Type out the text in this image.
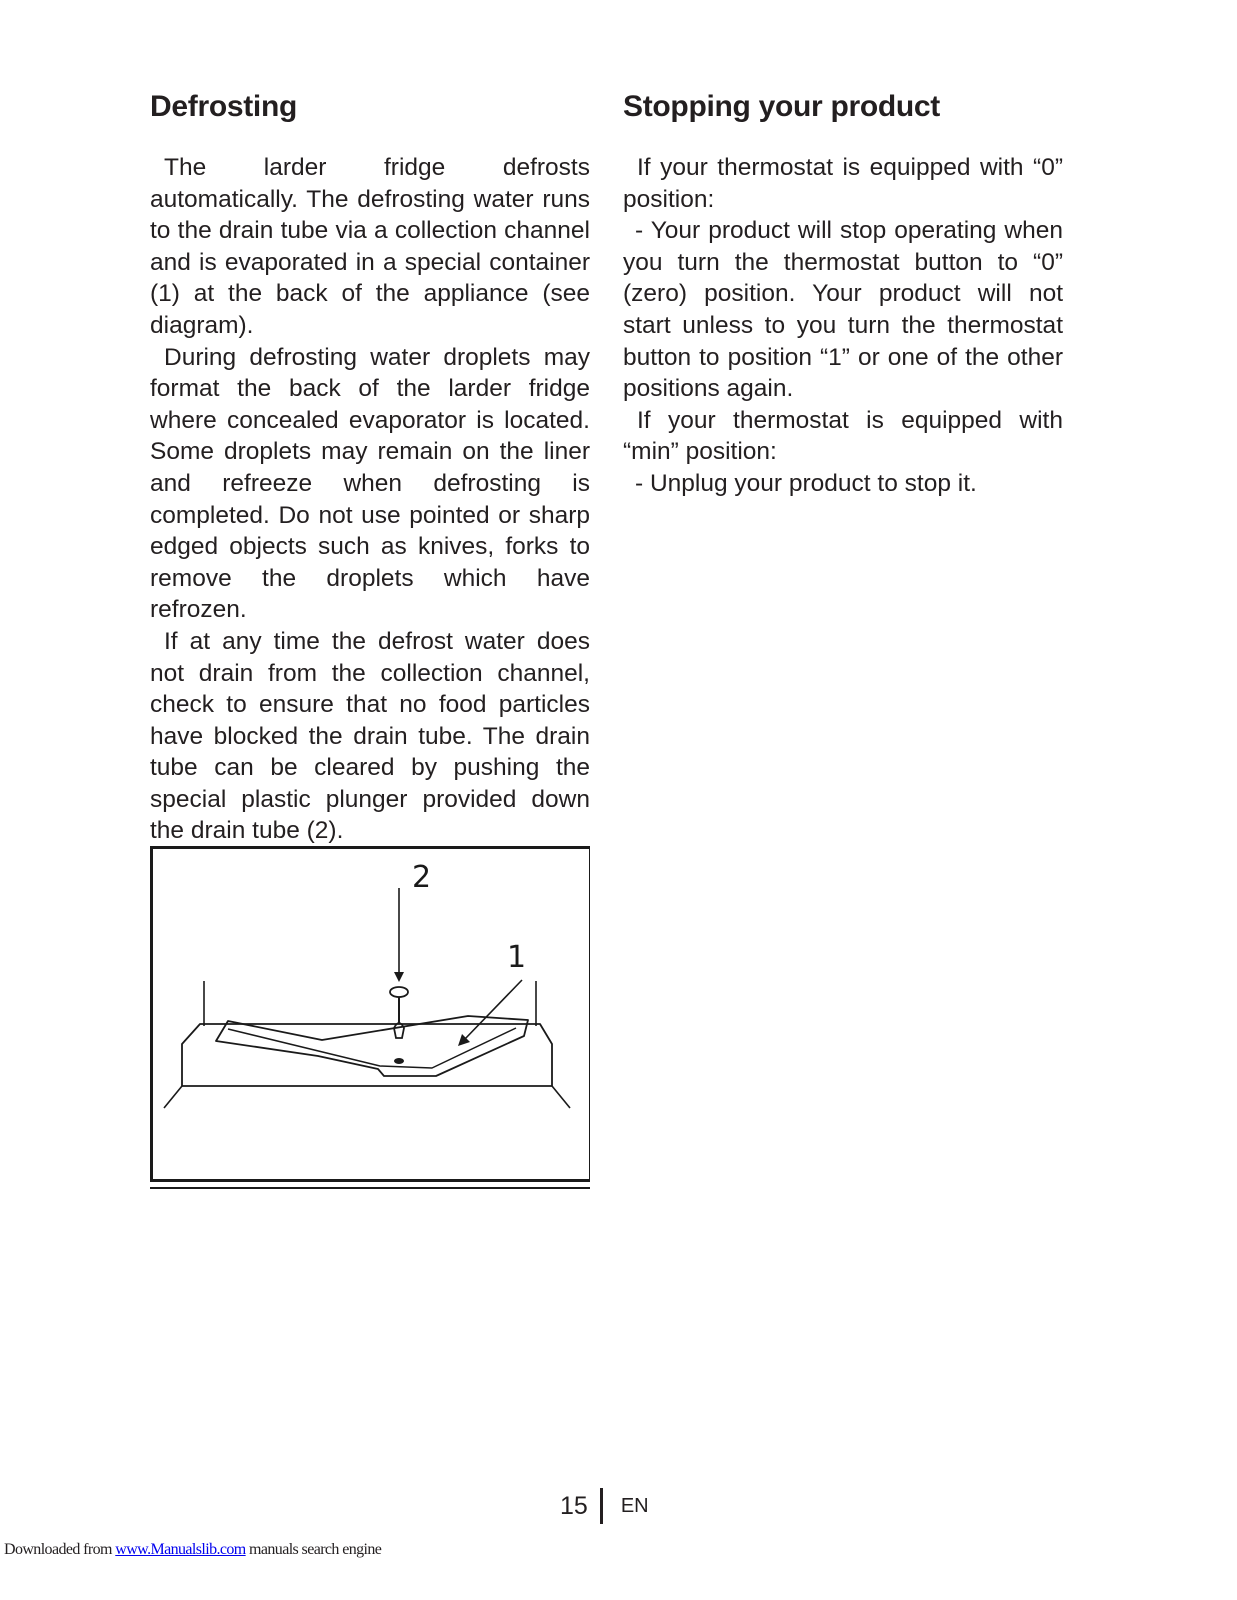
Defrosting

The larder fridge defrosts automatically. The defrosting water runs to the drain tube via a collection channel and is evaporated in a special container (1) at the back of the appliance (see diagram).

During defrosting water droplets may format the back of the larder fridge where concealed evaporator is located. Some droplets may remain on the liner and refreeze when defrosting is completed. Do not use pointed or sharp edged objects such as knives, forks to remove the droplets which have refrozen.

If at any time the defrost water does not drain from the collection channel, check to ensure that no food particles have blocked the drain tube. The drain tube can be cleared by pushing the special plastic plunger provided down the drain tube (2).

Stopping your product

If your thermostat is equipped with “0” position:

- Your product will stop operating when you turn the thermostat button to “0” (zero) position. Your product will not start unless to you turn the thermostat button to position “1” or one of the other positions again.

If your thermostat is equipped with “min” position:

- Unplug your product to stop it.

2
1
15 EN
Downloaded from www.Manualslib.com manuals search engine
